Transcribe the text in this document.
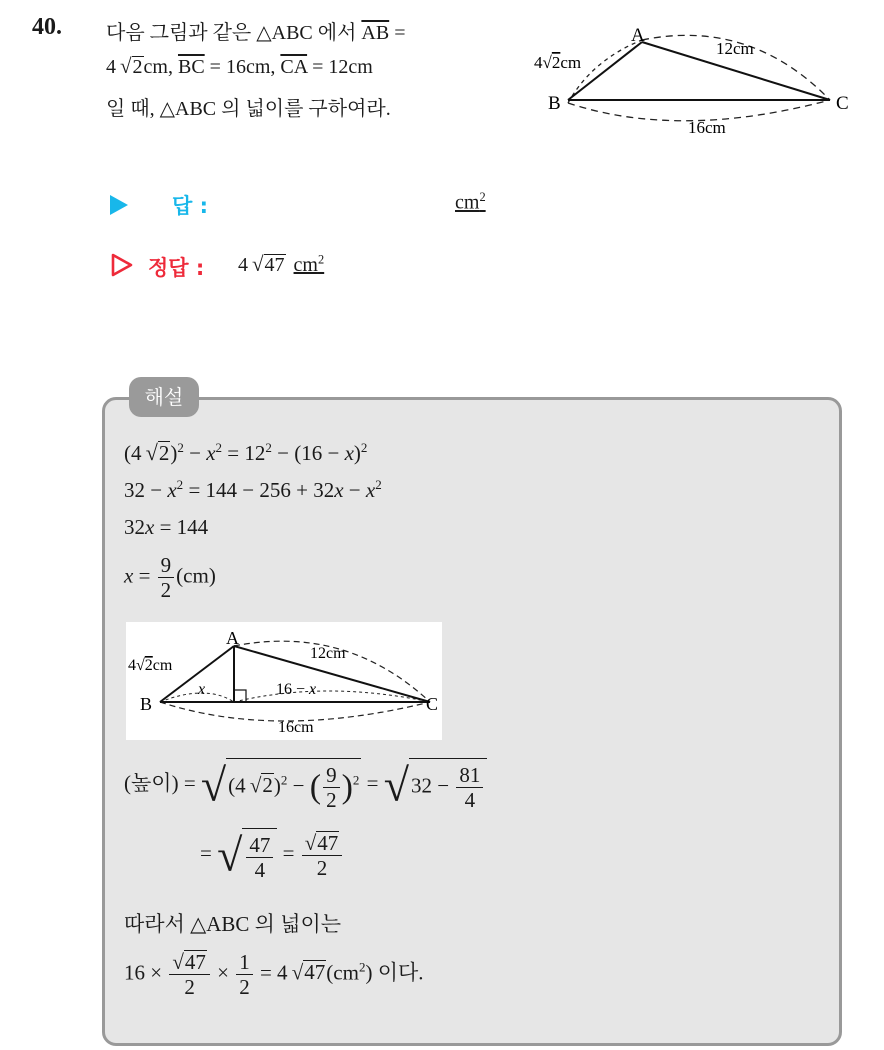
40. 다음 그림과 같은 △ABC 에서 $\overline{AB}$ =
4  √2cm, $\overline{BC} = 16cm$, $\overline{CA} = 12cm$
일 때, △ABC 의 넓이를 구하여라.
A
B	C
4√2cm
12cm
16cm
답 :	$cm^2$
정답 : 4  √47 $cm^2$
해설
(4  $√2)^2 - x^2 = 12^2 - (16 - x)^2$
$32 - x^2 = 144 - 256 + 32x - x^2$
32x = 144
$x = \frac{9}{2} (cm)$
A
B	C
4√2cm
12cm
x	16 − x
16cm
(높이) = √(4 √2)$^2$ − ( $\frac{9}{2} )^2 = √32 - \frac{81}{4}$
= √ $\frac{47}{4} = \frac{√47}{2}$
따라서 △ABC 의 넓이는
$16 \times \frac{√47}{2} \times \frac{1}{2} = 4$ $√47(cm^2)$ 이다.
